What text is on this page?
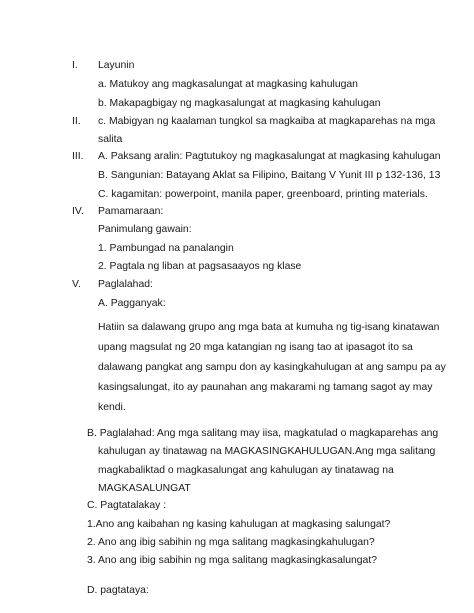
I. Layunin
a. Matukoy ang magkasalungat at magkasing kahulugan
b. Makapagbigay ng magkasalungat at magkasing kahulugan
II. c. Mabigyan ng kaalaman tungkol sa magkaiba at magkaparehas na mga
salita
III. A. Paksang aralin: Pagtutukoy ng magkasalungat at magkasing kahulugan
B. Sangunian: Batayang Aklat sa Filipino, Baitang V Yunit III p 132-136, 13
C. kagamitan: powerpoint, manila paper, greenboard, printing materials.
IV. Pamamaraan:
Panimulang gawain:
1. Pambungad na panalangin
2. Pagtala ng liban at pagsasaayos ng klase
V. Paglalahad:
A. Pagganyak:
Hatiin sa dalawang grupo ang mga bata at kumuha ng tig-isang kinatawan
upang magsulat ng 20 mga katangian ng isang tao at ipasagot ito sa
dalawang pangkat ang sampu don ay kasingkahulugan at ang sampu pa ay
kasingsalungat, ito ay paunahan ang makarami ng tamang sagot ay may
kendi.
B. Paglalahad: Ang mga salitang may iisa, magkatulad o magkaparehas ang
kahulugan ay tinatawag na MAGKASINGKAHULUGAN.Ang mga salitang
magkabaliktad o magkasalungat ang kahulugan ay tinatawag na
MAGKASALUNGAT
C. Pagtatalakay :
1.Ano ang kaibahan ng kasing kahulugan at magkasing salungat?
2. Ano ang ibig sabihin ng mga salitang magkasingkahulugan?
3. Ano ang ibig sabihin ng mga salitang magkasingkasalungat?
D. pagtataya:
